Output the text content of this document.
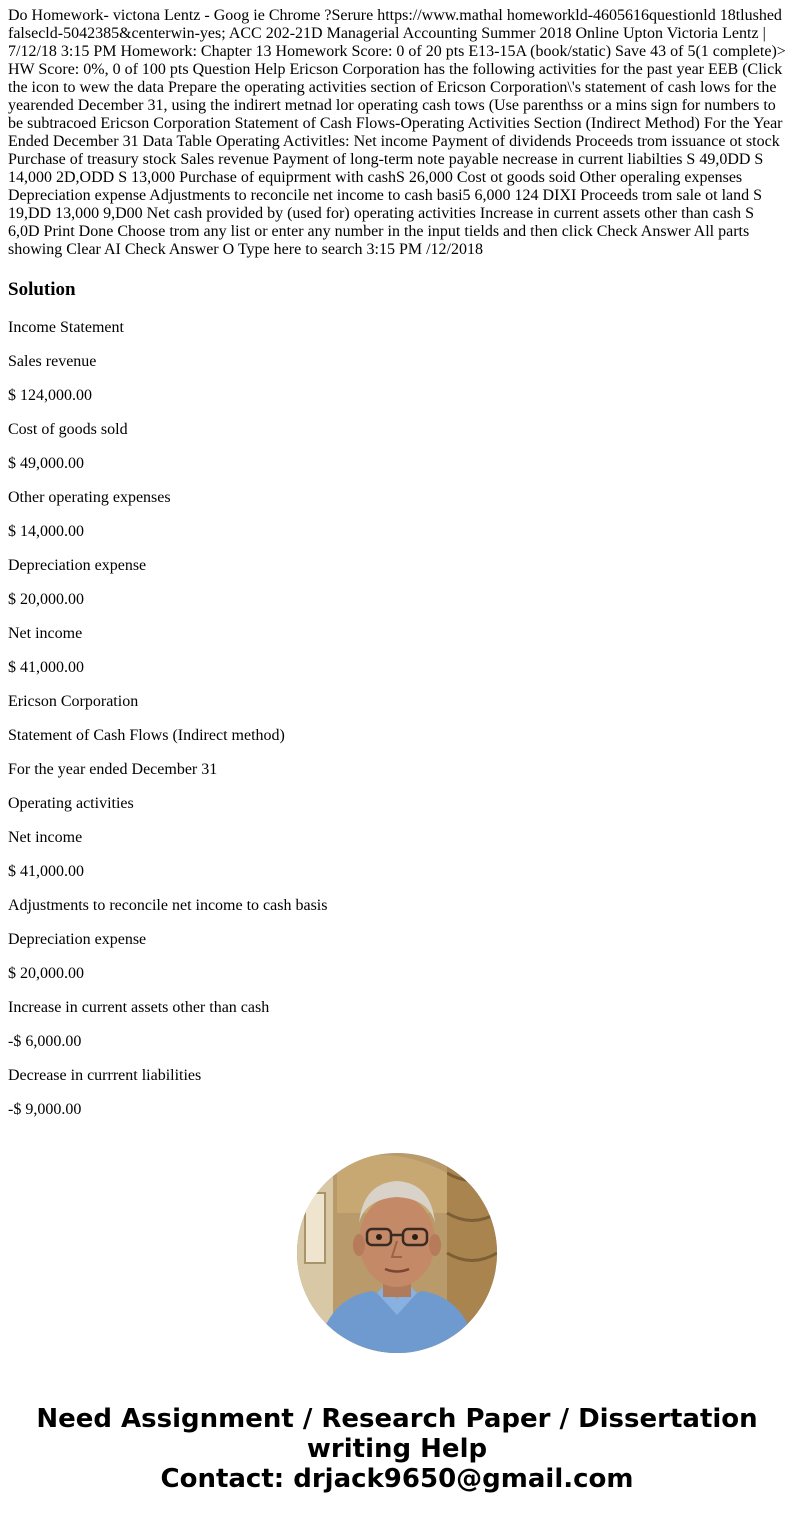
Do Homework- victona Lentz - Goog ie Chrome ?Serure https://www.mathal homeworkld-4605616questionld 18tlushed falsecld-5042385&centerwin-yes; ACC 202-21D Managerial Accounting Summer 2018 Online Upton Victoria Lentz | 7/12/18 3:15 PM Homework: Chapter 13 Homework Score: 0 of 20 pts E13-15A (book/static) Save 43 of 5(1 complete)> HW Score: 0%, 0 of 100 pts Question Help Ericson Corporation has the following activities for the past year EEB (Click the icon to wew the data Prepare the operating activities section of Ericson Corporation\'s statement of cash lows for the yearended December 31, using the indirert metnad lor operating cash tows (Use parenthss or a mins sign for numbers to be subtracoed Ericson Corporation Statement of Cash Flows-Operating Activities Section (Indirect Method) For the Year Ended December 31 Data Table Operating Activitles: Net income Payment of dividends Proceeds trom issuance ot stock Purchase of treasury stock Sales revenue Payment of long-term note payable necrease in current liabilties S 49,0DD S 14,000 2D,ODD S 13,000 Purchase of equiprment with cashS 26,000 Cost ot goods soid Other operaling expenses Depreciation expense Adjustments to reconcile net income to cash basi5 6,000 124 DIXI Proceeds trom sale ot land S 19,DD 13,000 9,D00 Net cash provided by (used for) operating activities Increase in current assets other than cash S 6,0D Print Done Choose trom any list or enter any number in the input tields and then click Check Answer All parts showing Clear AI Check Answer O Type here to search 3:15 PM /12/2018

Solution

Income Statement

Sales revenue

$ 124,000.00

Cost of goods sold

$ 49,000.00

Other operating expenses

$ 14,000.00

Depreciation expense

$ 20,000.00

Net income

$ 41,000.00

Ericson Corporation

Statement of Cash Flows (Indirect method)

For the year ended December 31

Operating activities

Net income

$ 41,000.00

Adjustments to reconcile net income to cash basis

Depreciation expense

$ 20,000.00

Increase in current assets other than cash

-$ 6,000.00

Decrease in currrent liabilities

-$ 9,000.00

Need Assignment / Research Paper / Dissertation
writing Help
Contact: drjack9650@gmail.com
